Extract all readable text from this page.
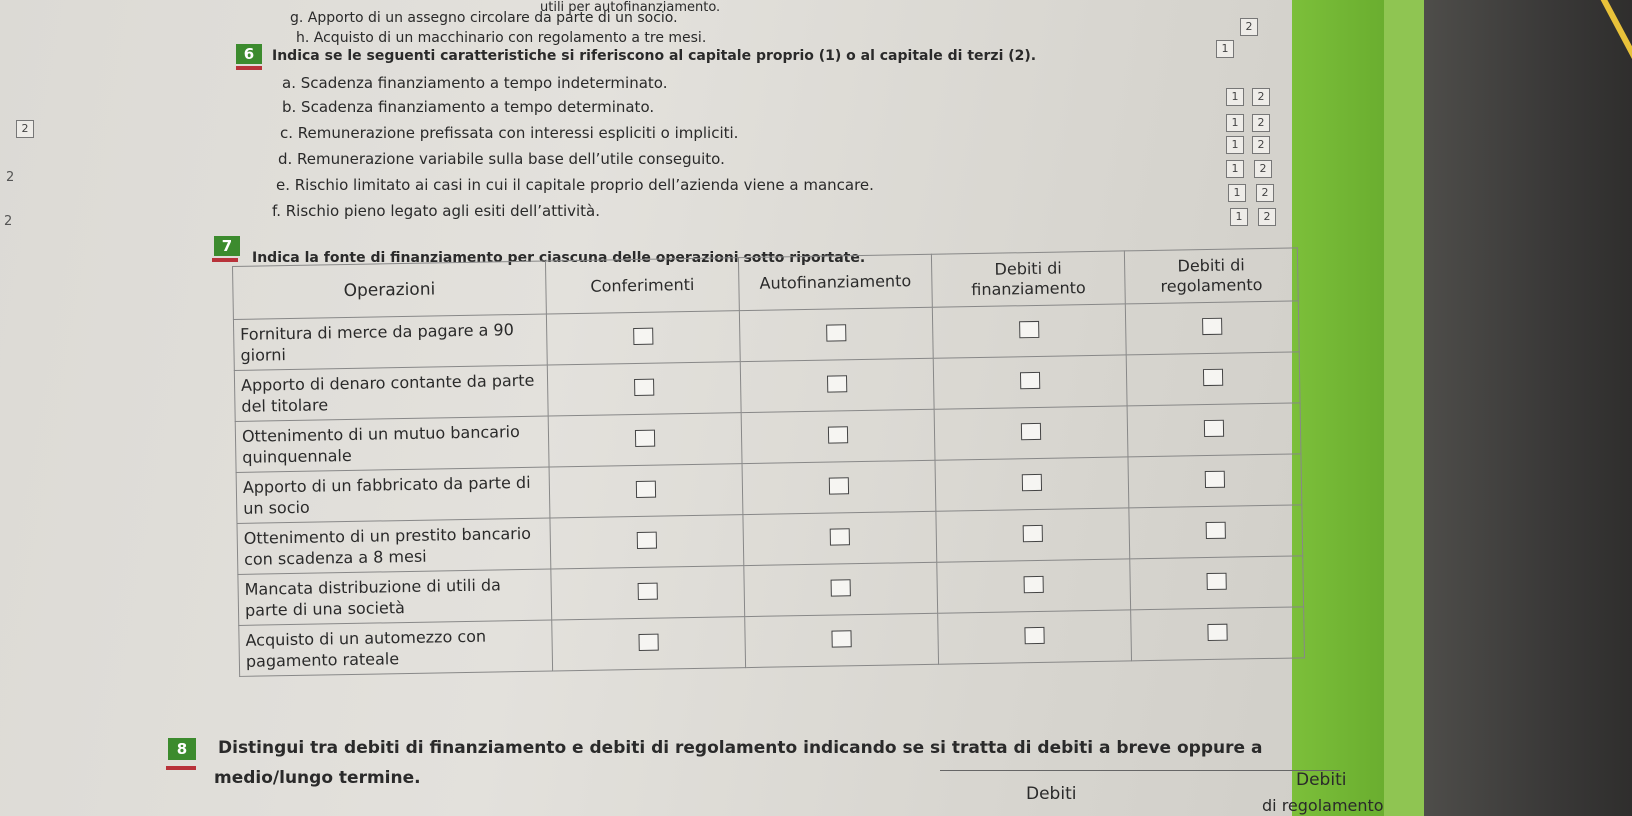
utili per autofinanziamento.
g. Apporto di un assegno circolare da parte di un socio.
h. Acquisto di un macchinario con regolamento a tre mesi.
2
1
6	Indica se le seguenti caratteristiche si riferiscono al capitale proprio (1) o al capitale di terzi (2).
a. Scadenza finanziamento a tempo indeterminato.
b. Scadenza finanziamento a tempo determinato.
c. Remunerazione prefissata con interessi espliciti o impliciti.
d. Remunerazione variabile sulla base dell’utile conseguito.
e. Rischio limitato ai casi in cui il capitale proprio dell’azienda viene a mancare.
f. Rischio pieno legato agli esiti dell’attività.
1	2
1	2
1	2
1	2
1	2
1	2
2
2
2
7
Indica la fonte di finanziamento per ciascuna delle operazioni sotto riportate.
Operazioni	Conferimenti	Autofinanziamento	Debiti di finanziamento	Debiti di regolamento
Fornitura di merce da pagare a 90 giorni				
Apporto di denaro contante da parte del titolare				
Ottenimento di un mutuo bancario quinquennale				
Apporto di un fabbricato da parte di un socio				
Ottenimento di un prestito bancario con scadenza a 8 mesi				
Mancata distribuzione di utili da parte di una società				
Acquisto di un automezzo con pagamento rateale				
8	Distingui tra debiti di finanziamento e debiti di regolamento indicando se si tratta di debiti a breve oppure a
medio/lungo termine.
Debiti
Debiti
di regolamento
